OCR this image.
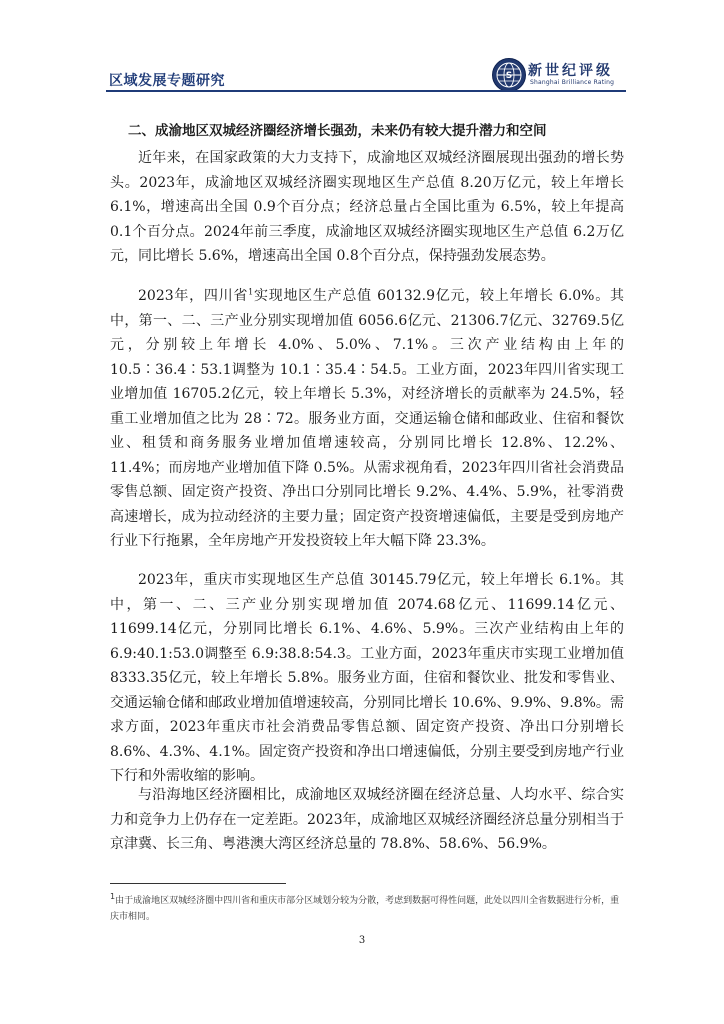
区域发展专题研究	S 新世纪评级
Shanghai Brilliance Rating
二、成渝地区双城经济圈经济增长强劲，未来仍有较大提升潜力和空间

近年来，在国家政策的大力支持下，成渝地区双城经济圈展现出强劲的增长势头。2023年，成渝地区双城经济圈实现地区生产总值 8.20万亿元，较上年增长 6.1%，增速高出全国 0.9个百分点；经济总量占全国比重为 6.5%，较上年提高 0.1个百分点。2024年前三季度，成渝地区双城经济圈实现地区生产总值 6.2万亿元，同比增长 5.6%，增速高出全国 0.8个百分点，保持强劲发展态势。

2023年，四川省$^1$实现地区生产总值 60132.9亿元，较上年增长 6.0%。其中，第一、二、三产业分别实现增加值 6056.6亿元、21306.7亿元、32769.5亿元，分别较上年增长 4.0%、5.0%、7.1%。三次产业结构由上年的 10.5∶36.4∶53.1调整为 10.1∶35.4∶54.5。工业方面，2023年四川省实现工业增加值 16705.2亿元，较上年增长 5.3%，对经济增长的贡献率为 24.5%，轻重工业增加值之比为 28∶72。服务业方面，交通运输仓储和邮政业、住宿和餐饮业、租赁和商务服务业增加值增速较高，分别同比增长 12.8%、12.2%、11.4%；而房地产业增加值下降 0.5%。从需求视角看，2023年四川省社会消费品零售总额、固定资产投资、净出口分别同比增长 9.2%、4.4%、5.9%，社零消费高速增长，成为拉动经济的主要力量；固定资产投资增速偏低，主要是受到房地产行业下行拖累，全年房地产开发投资较上年大幅下降 23.3%。

2023年，重庆市实现地区生产总值 30145.79亿元，较上年增长 6.1%。其中，第一、二、三产业分别实现增加值 2074.68亿元、11699.14亿元、11699.14亿元，分别同比增长 6.1%、4.6%、5.9%。三次产业结构由上年的 6.9:40.1:53.0调整至 6.9:38.8:54.3。工业方面，2023年重庆市实现工业增加值 8333.35亿元，较上年增长 5.8%。服务业方面，住宿和餐饮业、批发和零售业、交通运输仓储和邮政业增加值增速较高，分别同比增长 10.6%、9.9%、9.8%。需求方面，2023年重庆市社会消费品零售总额、固定资产投资、净出口分别增长 8.6%、4.3%、4.1%。固定资产投资和净出口增速偏低，分别主要受到房地产行业下行和外需收缩的影响。

与沿海地区经济圈相比，成渝地区双城经济圈在经济总量、人均水平、综合实力和竞争力上仍存在一定差距。2023年，成渝地区双城经济圈经济总量分别相当于京津冀、长三角、粤港澳大湾区经济总量的 78.8%、58.6%、56.9%。

$^1$由于成渝地区双城经济圈中四川省和重庆市部分区域划分较为分散，考虑到数据可得性问题，此处以四川全省数据进行分析，重庆市相同。
3
